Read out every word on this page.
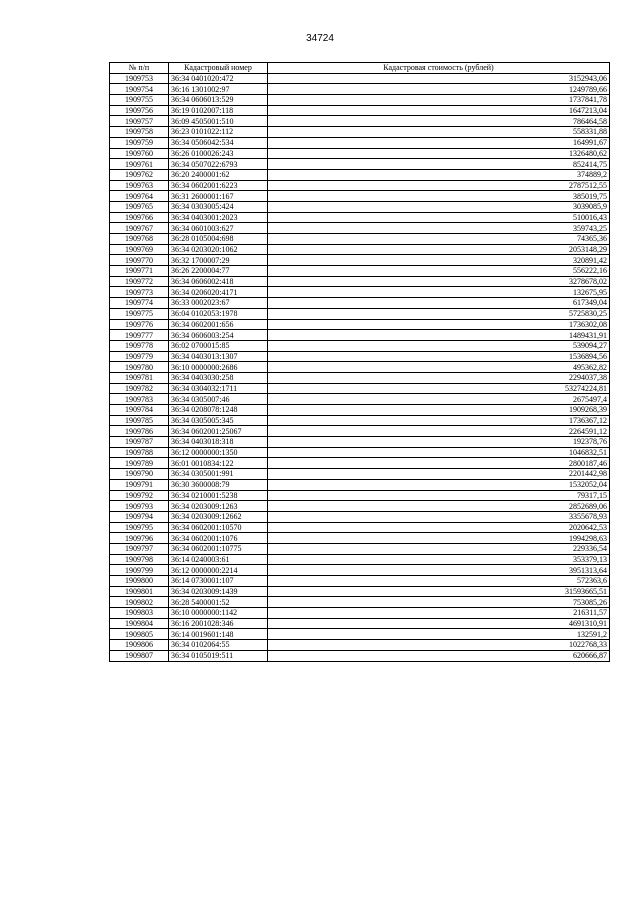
34724
№ п/п	Кадастровый номер	Кадастровая стоимость (рублей)
1909753	36:34 0401020:472	3152943,06
1909754	36:16 1301002:97	1249789,66
1909755	36:34 0606013:529	1737841,78
1909756	36:19 0102007:118	1647213,04
1909757	36:09 4505001:510	786464,58
1909758	36:23 0101022:112	558331,88
1909759	36:34 0506042:534	164991,67
1909760	36:26 0100026:243	1326480,62
1909761	36:34 0507022:6793	852414,75
1909762	36:20 2400001:62	374889,2
1909763	36:34 0602001:6223	2787512,55
1909764	36:31 2600001:167	385019,75
1909765	36:34 0303005:424	3039085,9
1909766	36:34 0403001:2023	510016,43
1909767	36:34 0601003:627	359743,25
1909768	36:28 0105004:698	74365,36
1909769	36:34 0203020:1062	2053148,29
1909770	36:32 1700007:29	320891,42
1909771	36:26 2200004:77	556222,16
1909772	36:34 0606002:418	3278678,02
1909773	36:34 0206020:4171	132675,95
1909774	36:33 0002023:67	617349,04
1909775	36:04 0102053:1978	5725830,25
1909776	36:34 0602001:656	1736302,08
1909777	36:34 0606003:254	1489431,91
1909778	36:02 0700015:85	539094,27
1909779	36:34 0403013:1307	1536894,56
1909780	36:10 0000000:2686	495362,82
1909781	36:34 0403030:258	2294037,38
1909782	36:34 0304032:1711	53274224,81
1909783	36:34 0305007:46	2675497,4
1909784	36:34 0208078:1248	1909268,39
1909785	36:34 0305005:345	1736367,12
1909786	36:34 0602001:25067	2264591,12
1909787	36:34 0403018:318	192378,76
1909788	36:12 0000000:1350	1046832,51
1909789	36:01 0010834:122	2800187,46
1909790	36:34 0305001:991	2201442,98
1909791	36:30 3600008:79	1532052,04
1909792	36:34 0210001:5238	79317,15
1909793	36:34 0203009:1263	2852689,06
1909794	36:34 0203009:12662	3355678,93
1909795	36:34 0602001:10570	2020642,53
1909796	36:34 0602001:1076	1994298,63
1909797	36:34 0602001:10775	229336,54
1909798	36:14 0240003:61	353379,13
1909799	36:12 0000000:2214	3951313,64
1909800	36:14 0730001:107	572363,6
1909801	36:34 0203009:1439	31593665,51
1909802	36:28 5400001:52	753085,26
1909803	36:10 0000000:1142	216311,57
1909804	36:16 2001028:346	4691310,91
1909805	36:14 0019601:148	132591,2
1909806	36:34 0102064:55	1022768,33
1909807	36:34 0105019:511	620666,87
